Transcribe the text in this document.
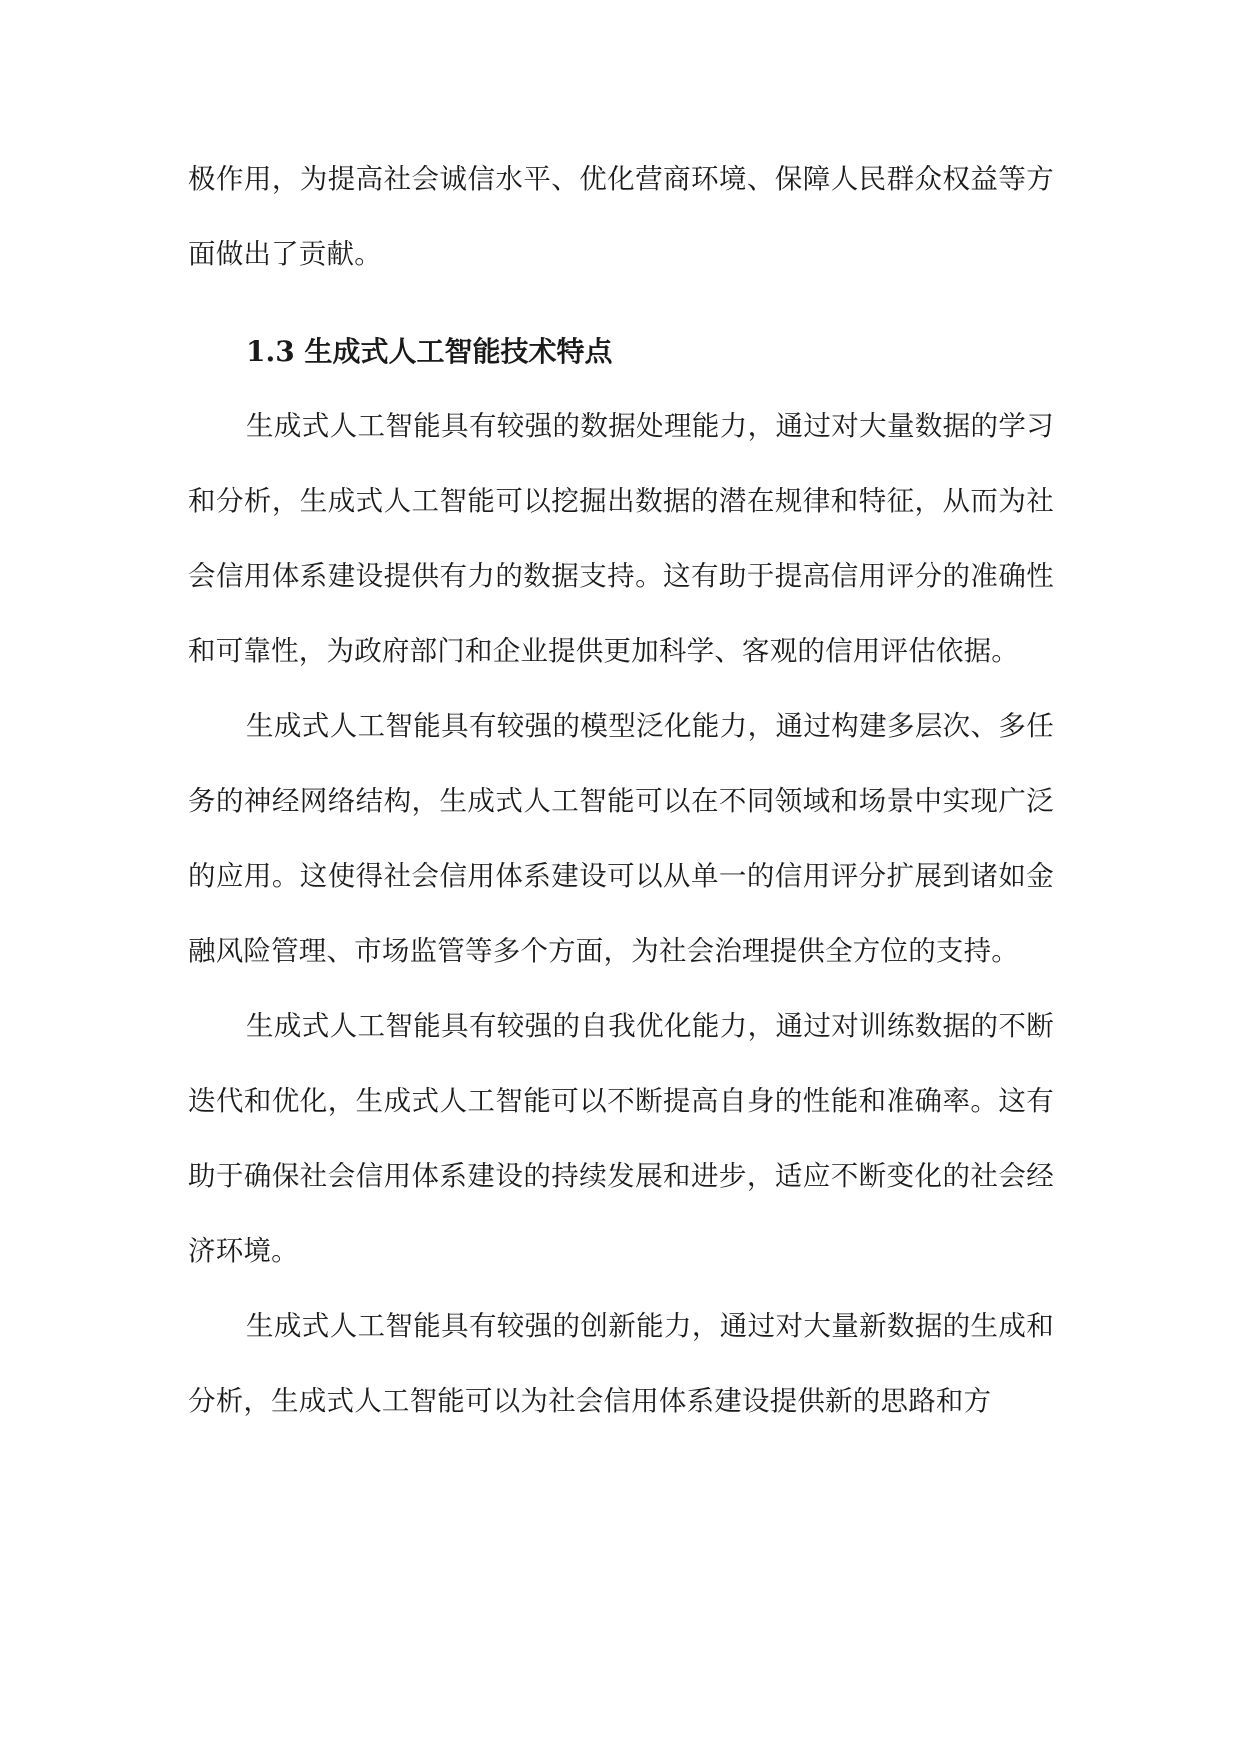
极作用，为提高社会诚信水平、优化营商环境、保障人民群众权益等方面做出了贡献。

1.3 生成式人工智能技术特点

生成式人工智能具有较强的数据处理能力，通过对大量数据的学习和分析，生成式人工智能可以挖掘出数据的潜在规律和特征，从而为社会信用体系建设提供有力的数据支持。这有助于提高信用评分的准确性和可靠性，为政府部门和企业提供更加科学、客观的信用评估依据。

生成式人工智能具有较强的模型泛化能力，通过构建多层次、多任务的神经网络结构，生成式人工智能可以在不同领域和场景中实现广泛的应用。这使得社会信用体系建设可以从单一的信用评分扩展到诸如金融风险管理、市场监管等多个方面，为社会治理提供全方位的支持。

生成式人工智能具有较强的自我优化能力，通过对训练数据的不断迭代和优化，生成式人工智能可以不断提高自身的性能和准确率。这有助于确保社会信用体系建设的持续发展和进步，适应不断变化的社会经济环境。

生成式人工智能具有较强的创新能力，通过对大量新数据的生成和分析，生成式人工智能可以为社会信用体系建设提供新的思路和方
